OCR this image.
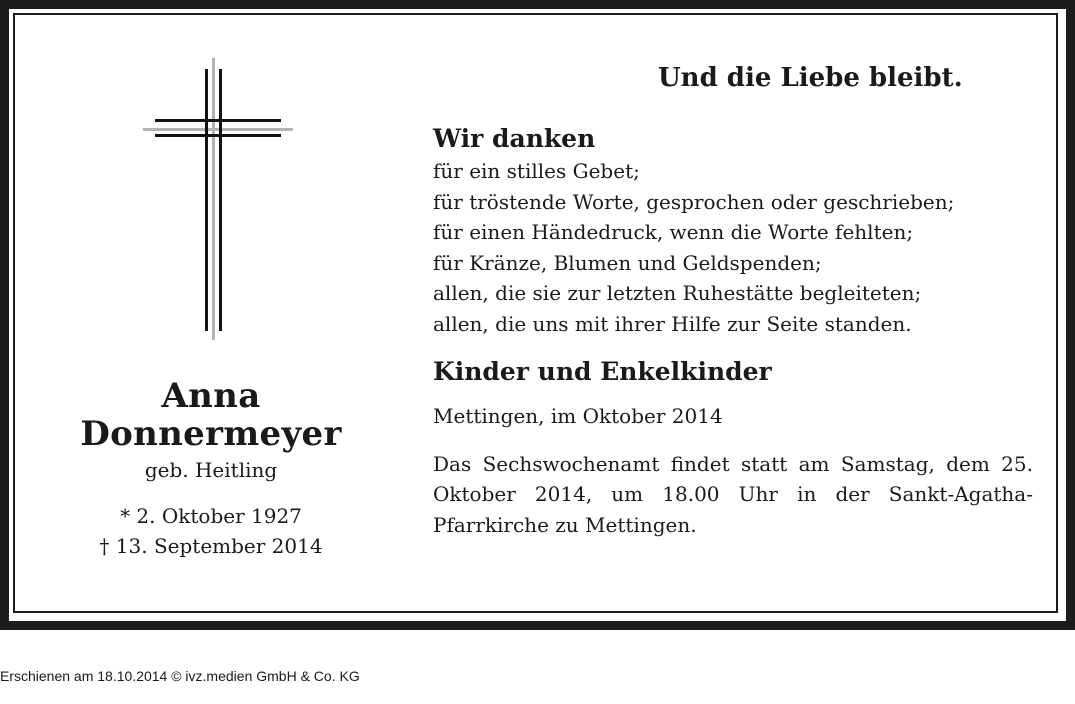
Anna
Donnermeyer
geb. Heitling
* 2. Oktober 1927
† 13. September 2014
Und die Liebe bleibt.
Wir danken
für ein stilles Gebet;
für tröstende Worte, gesprochen oder geschrieben;
für einen Händedruck, wenn die Worte fehlten;
für Kränze, Blumen und Geldspenden;
allen, die sie zur letzten Ruhestätte begleiteten;
allen, die uns mit ihrer Hilfe zur Seite standen.
Kinder und Enkelkinder
Mettingen, im Oktober 2014
Das Sechswochenamt findet statt am Samstag, dem 25. Oktober 2014, um 18.00 Uhr in der Sankt-Agatha-Pfarrkirche zu Mettingen.
Erschienen am 18.10.2014 © ivz.medien GmbH & Co. KG
